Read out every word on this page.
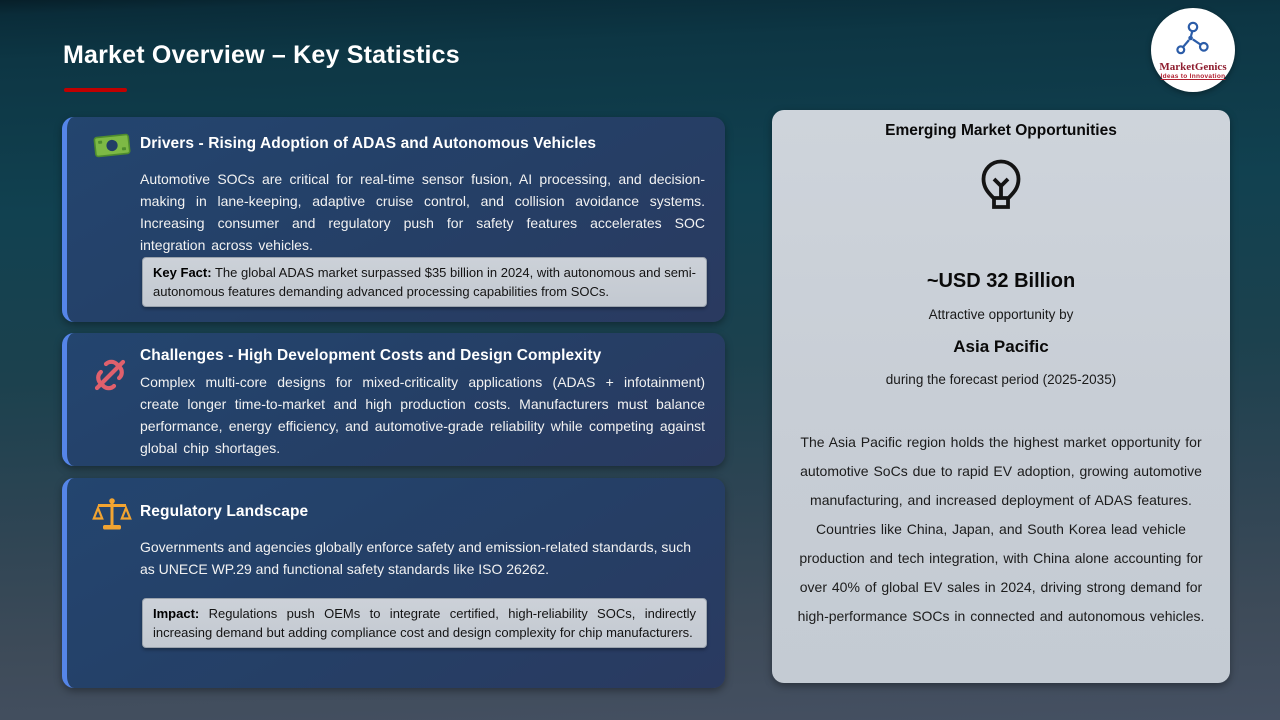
Market Overview – Key Statistics	MarketGenics
Ideas to Innovation
Drivers - Rising Adoption of ADAS and Autonomous Vehicles
Automotive SOCs are critical for real-time sensor fusion, AI processing, and decision-making in lane-keeping, adaptive cruise control, and collision avoidance systems. Increasing consumer and regulatory push for safety features accelerates SOC integration across vehicles.
Key Fact: The global ADAS market surpassed $35 billion in 2024, with autonomous and semi-autonomous features demanding advanced processing capabilities from SOCs.
Challenges - High Development Costs and Design Complexity
Complex multi-core designs for mixed-criticality applications (ADAS + infotainment) create longer time-to-market and high production costs. Manufacturers must balance performance, energy efficiency, and automotive-grade reliability while competing against global chip shortages.
Regulatory Landscape
Governments and agencies globally enforce safety and emission-related standards, such as UNECE WP.29 and functional safety standards like ISO 26262.
Impact: Regulations push OEMs to integrate certified, high-reliability SOCs, indirectly increasing demand but adding compliance cost and design complexity for chip manufacturers.
Emerging Market Opportunities
~USD 32 Billion
Attractive opportunity by
Asia Pacific
during the forecast period (2025-2035)
The Asia Pacific region holds the highest market opportunity for automotive SoCs due to rapid EV adoption, growing automotive manufacturing, and increased deployment of ADAS features. Countries like China, Japan, and South Korea lead vehicle production and tech integration, with China alone accounting for over 40% of global EV sales in 2024, driving strong demand for high-performance SOCs in connected and autonomous vehicles.
